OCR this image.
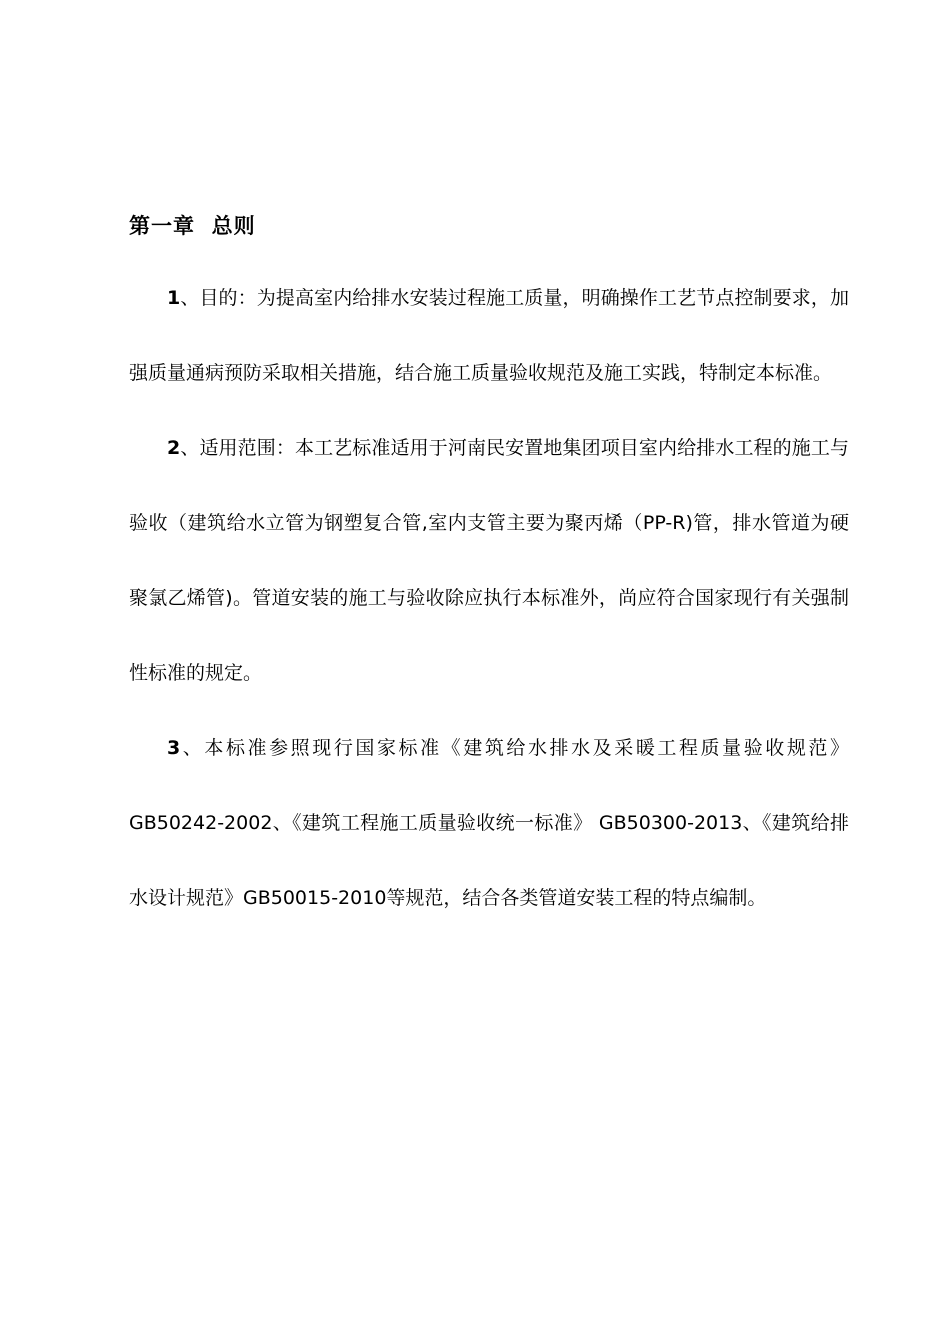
第一章  总则

1、目的：为提高室内给排水安装过程施工质量，明确操作工艺节点控制要求，加强质量通病预防采取相关措施，结合施工质量验收规范及施工实践，特制定本标准。

2、适用范围：本工艺标准适用于河南民安置地集团项目室内给排水工程的施工与验收（建筑给水立管为钢塑复合管,室内支管主要为聚丙烯（PP-R)管，排水管道为硬聚氯乙烯管)。管道安装的施工与验收除应执行本标准外，尚应符合国家现行有关强制性标准的规定。

3、本标准参照现行国家标准《建筑给水排水及采暖工程质量验收规范》GB50242-2002、《建筑工程施工质量验收统一标准》 GB50300-2013、《建筑给排水设计规范》GB50015-2010等规范，结合各类管道安装工程的特点编制。
